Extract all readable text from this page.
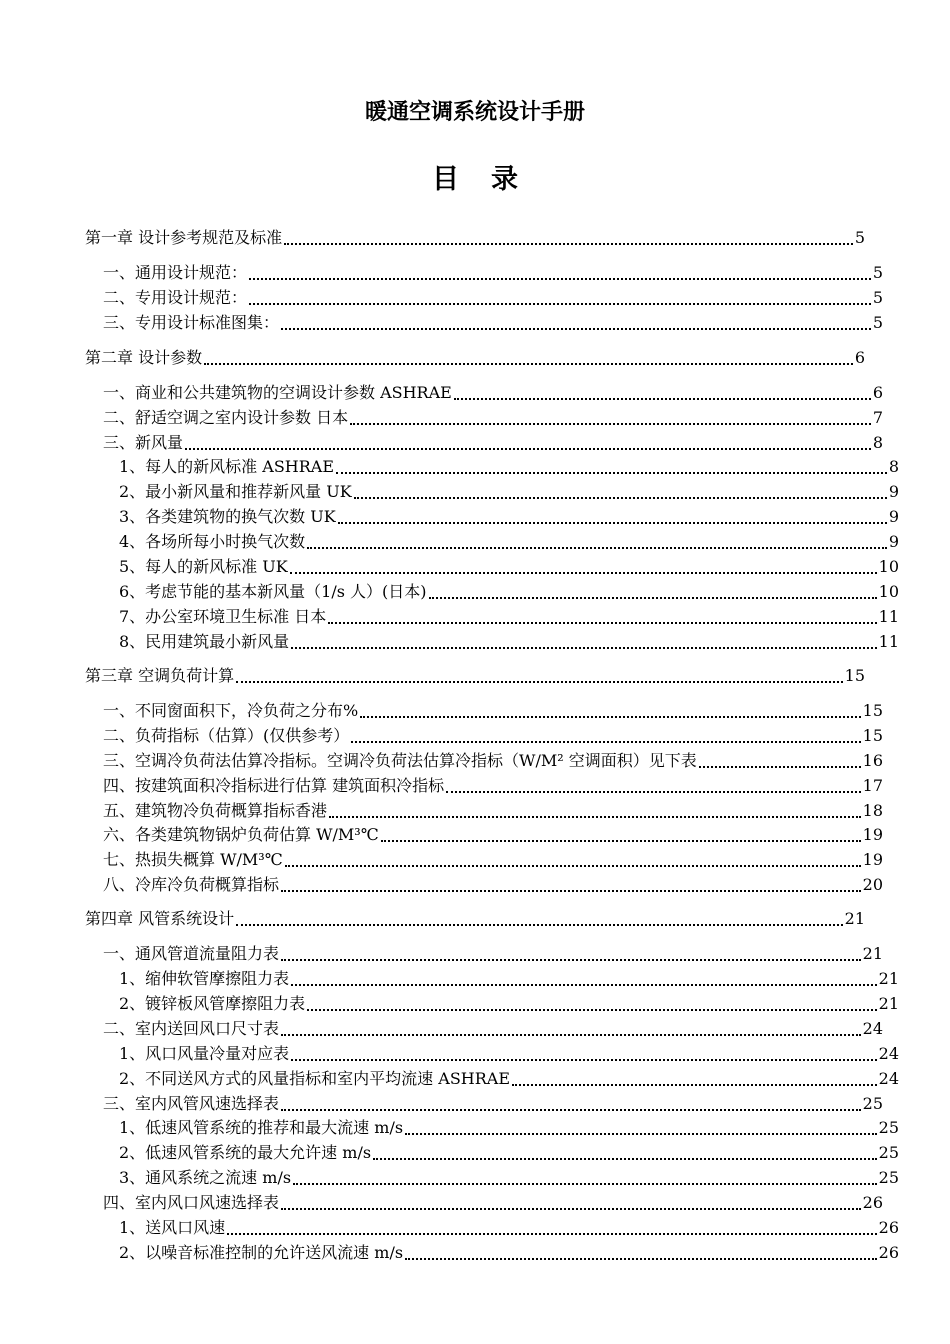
暖通空调系统设计手册
目 录
第一章 设计参考规范及标准	5
一、通用设计规范：	5
二、专用设计规范：	5
三、专用设计标准图集：	5
第二章 设计参数	6
一、商业和公共建筑物的空调设计参数 ASHRAE	6
二、舒适空调之室内设计参数 日本	7
三、新风量	8
1、每人的新风标准 ASHRAE	8
2、最小新风量和推荐新风量 UK	9
3、各类建筑物的换气次数 UK	9
4、各场所每小时换气次数	9
5、每人的新风标准 UK	10
6、考虑节能的基本新风量（1/s 人）(日本)	10
7、办公室环境卫生标准 日本	11
8、民用建筑最小新风量	11
第三章 空调负荷计算	15
一、不同窗面积下，冷负荷之分布%	15
二、负荷指标（估算）(仅供参考）	15
三、空调冷负荷法估算冷指标。空调冷负荷法估算冷指标（W/M² 空调面积）见下表	16
四、按建筑面积冷指标进行估算 建筑面积冷指标	17
五、建筑物冷负荷概算指标香港	18
六、各类建筑物锅炉负荷估算 W/M³℃	19
七、热损失概算 W/M³℃	19
八、冷库冷负荷概算指标	20
第四章 风管系统设计	21
一、通风管道流量阻力表	21
1、缩伸软管摩擦阻力表	21
2、镀锌板风管摩擦阻力表	21
二、室内送回风口尺寸表	24
1、风口风量冷量对应表	24
2、不同送风方式的风量指标和室内平均流速 ASHRAE	24
三、室内风管风速选择表	25
1、低速风管系统的推荐和最大流速 m/s	25
2、低速风管系统的最大允许速 m/s	25
3、通风系统之流速 m/s	25
四、室内风口风速选择表	26
1、送风口风速	26
2、以噪音标准控制的允许送风流速 m/s	26
